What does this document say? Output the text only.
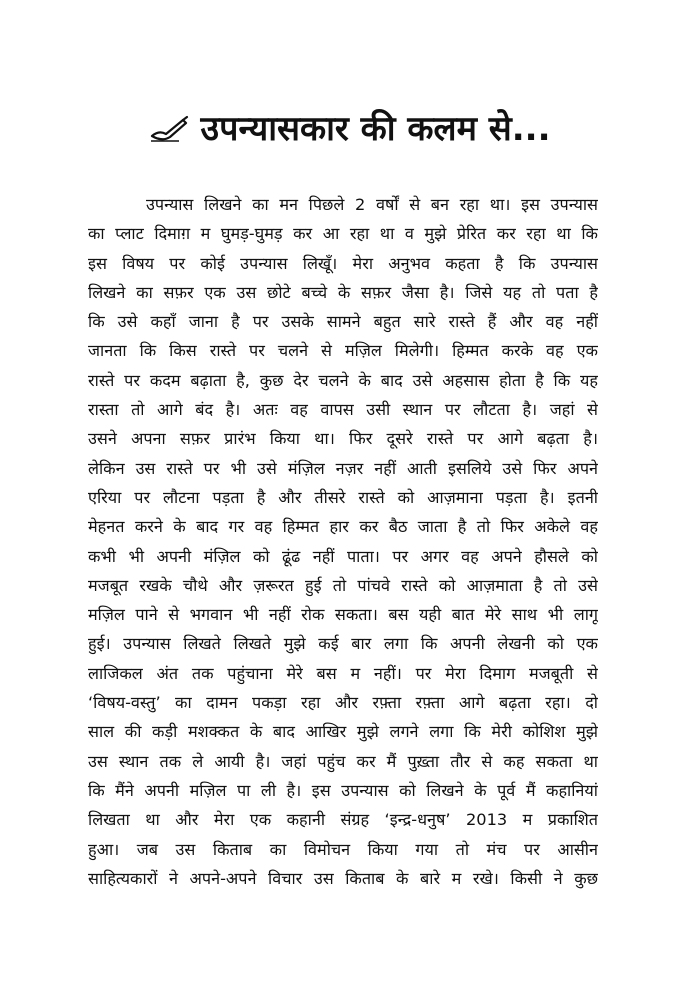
उपन्यासकार की कलम से...
उपन्यास लिखने का मन पिछले 2 वर्षों से बन रहा था। इस उपन्यास
का प्लाट दिमाग़ म घुमड़-घुमड़ कर आ रहा था व मुझे प्रेरित कर रहा था कि
इस विषय पर कोई उपन्यास लिखूँ। मेरा अनुभव कहता है कि उपन्यास
लिखने का सफ़र एक उस छोटे बच्चे के सफ़र जैसा है। जिसे यह तो पता है
कि उसे कहाँ जाना है पर उसके सामने बहुत सारे रास्ते हैं और वह नहीं
जानता कि किस रास्ते पर चलने से मज़िल मिलेगी। हिम्मत करके वह एक
रास्ते पर कदम बढ़ाता है, कुछ देर चलने के बाद उसे अहसास होता है कि यह
रास्ता तो आगे बंद है। अतः वह वापस उसी स्थान पर लौटता है। जहां से
उसने अपना सफ़र प्रारंभ किया था। फिर दूसरे रास्ते पर आगे बढ़ता है।
लेकिन उस रास्ते पर भी उसे मंज़िल नज़र नहीं आती इसलिये उसे फिर अपने
एरिया पर लौटना पड़ता है और तीसरे रास्ते को आज़माना पड़ता है। इतनी
मेहनत करने के बाद गर वह हिम्मत हार कर बैठ जाता है तो फिर अकेले वह
कभी भी अपनी मंज़िल को ढूंढ नहीं पाता। पर अगर वह अपने हौसले को
मजबूत रखके चौथे और ज़रूरत हुई तो पांचवे रास्ते को आज़माता है तो उसे
मज़िल पाने से भगवान भी नहीं रोक सकता। बस यही बात मेरे साथ भी लागू
हुई। उपन्यास लिखते लिखते मुझे कई बार लगा कि अपनी लेखनी को एक
लाजिकल अंत तक पहुंचाना मेरे बस म नहीं। पर मेरा दिमाग मजबूती से
‘विषय-वस्तु’ का दामन पकड़ा रहा और रफ़्ता रफ़्ता आगे बढ़ता रहा। दो
साल की कड़ी मशक्कत के बाद आखिर मुझे लगने लगा कि मेरी कोशिश मुझे
उस स्थान तक ले आयी है। जहां पहुंच कर मैं पुख़्ता तौर से कह सकता था
कि मैंने अपनी मज़िल पा ली है। इस उपन्यास को लिखने के पूर्व मैं कहानियां
लिखता था और मेरा एक कहानी संग्रह ‘इन्द्र-धनुष’ 2013 म प्रकाशित
हुआ। जब उस किताब का विमोचन किया गया तो मंच पर आसीन
साहित्यकारों ने अपने-अपने विचार उस किताब के बारे म रखे। किसी ने कुछ
